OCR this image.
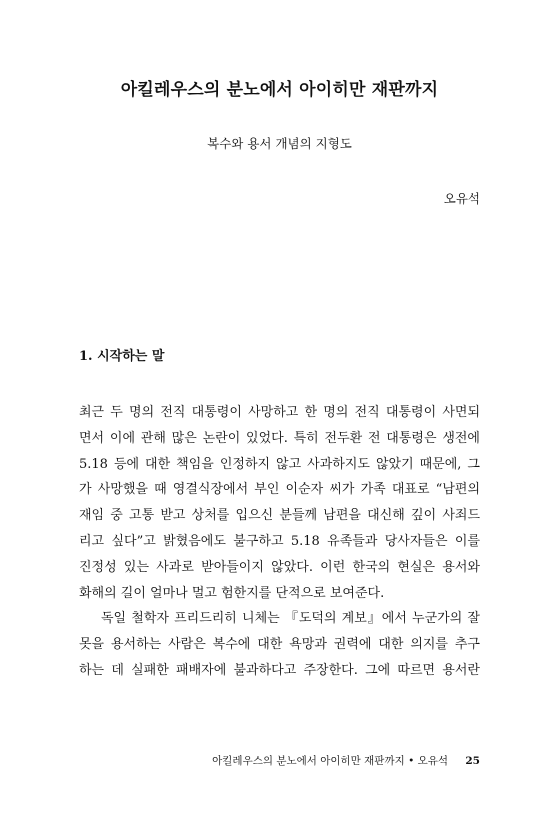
아킬레우스의 분노에서 아이히만 재판까지
복수와 용서 개념의 지형도
오유석
1. 시작하는 말
최근 두 명의 전직 대통령이 사망하고 한 명의 전직 대통령이 사면되
면서 이에 관해 많은 논란이 있었다. 특히 전두환 전 대통령은 생전에
5.18 등에 대한 책임을 인정하지 않고 사과하지도 않았기 때문에, 그
가 사망했을 때 영결식장에서 부인 이순자 씨가 가족 대표로 “남편의
재임 중 고통 받고 상처를 입으신 분들께 남편을 대신해 깊이 사죄드
리고 싶다”고 밝혔음에도 불구하고 5.18 유족들과 당사자들은 이를
진정성 있는 사과로 받아들이지 않았다. 이런 한국의 현실은 용서와
화해의 길이 얼마나 멀고 험한지를 단적으로 보여준다.
독일 철학자 프리드리히 니체는 『도덕의 계보』에서 누군가의 잘
못을 용서하는 사람은 복수에 대한 욕망과 권력에 대한 의지를 추구
하는 데 실패한 패배자에 불과하다고 주장한다. 그에 따르면 용서란
아킬레우스의 분노에서 아이히만 재판까지 • 오유석 25
